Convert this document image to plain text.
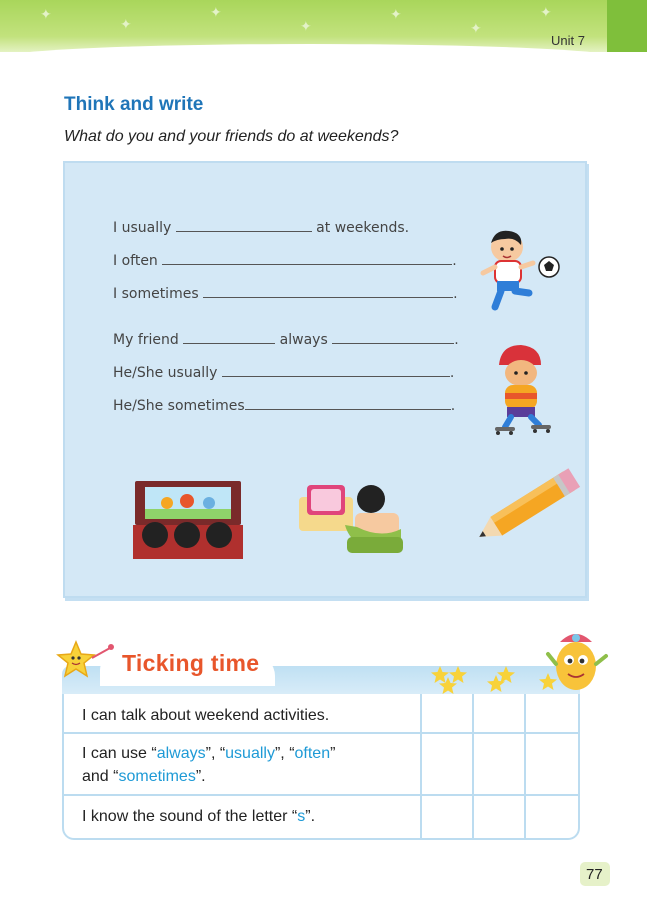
✦
✦
✦
✦
✦
✦
✦
Unit 7
Think and write
What do you and your friends do at weekends?
I usually	at weekends.
I often	.
I sometimes	.
My friend	always	.
He/She usually	.
He/She sometimes	.
Ticking time
I can talk about weekend activities.
I can use “always”, “usually”, “often”
and “sometimes”.
I know the sound of the letter “s”.
77
